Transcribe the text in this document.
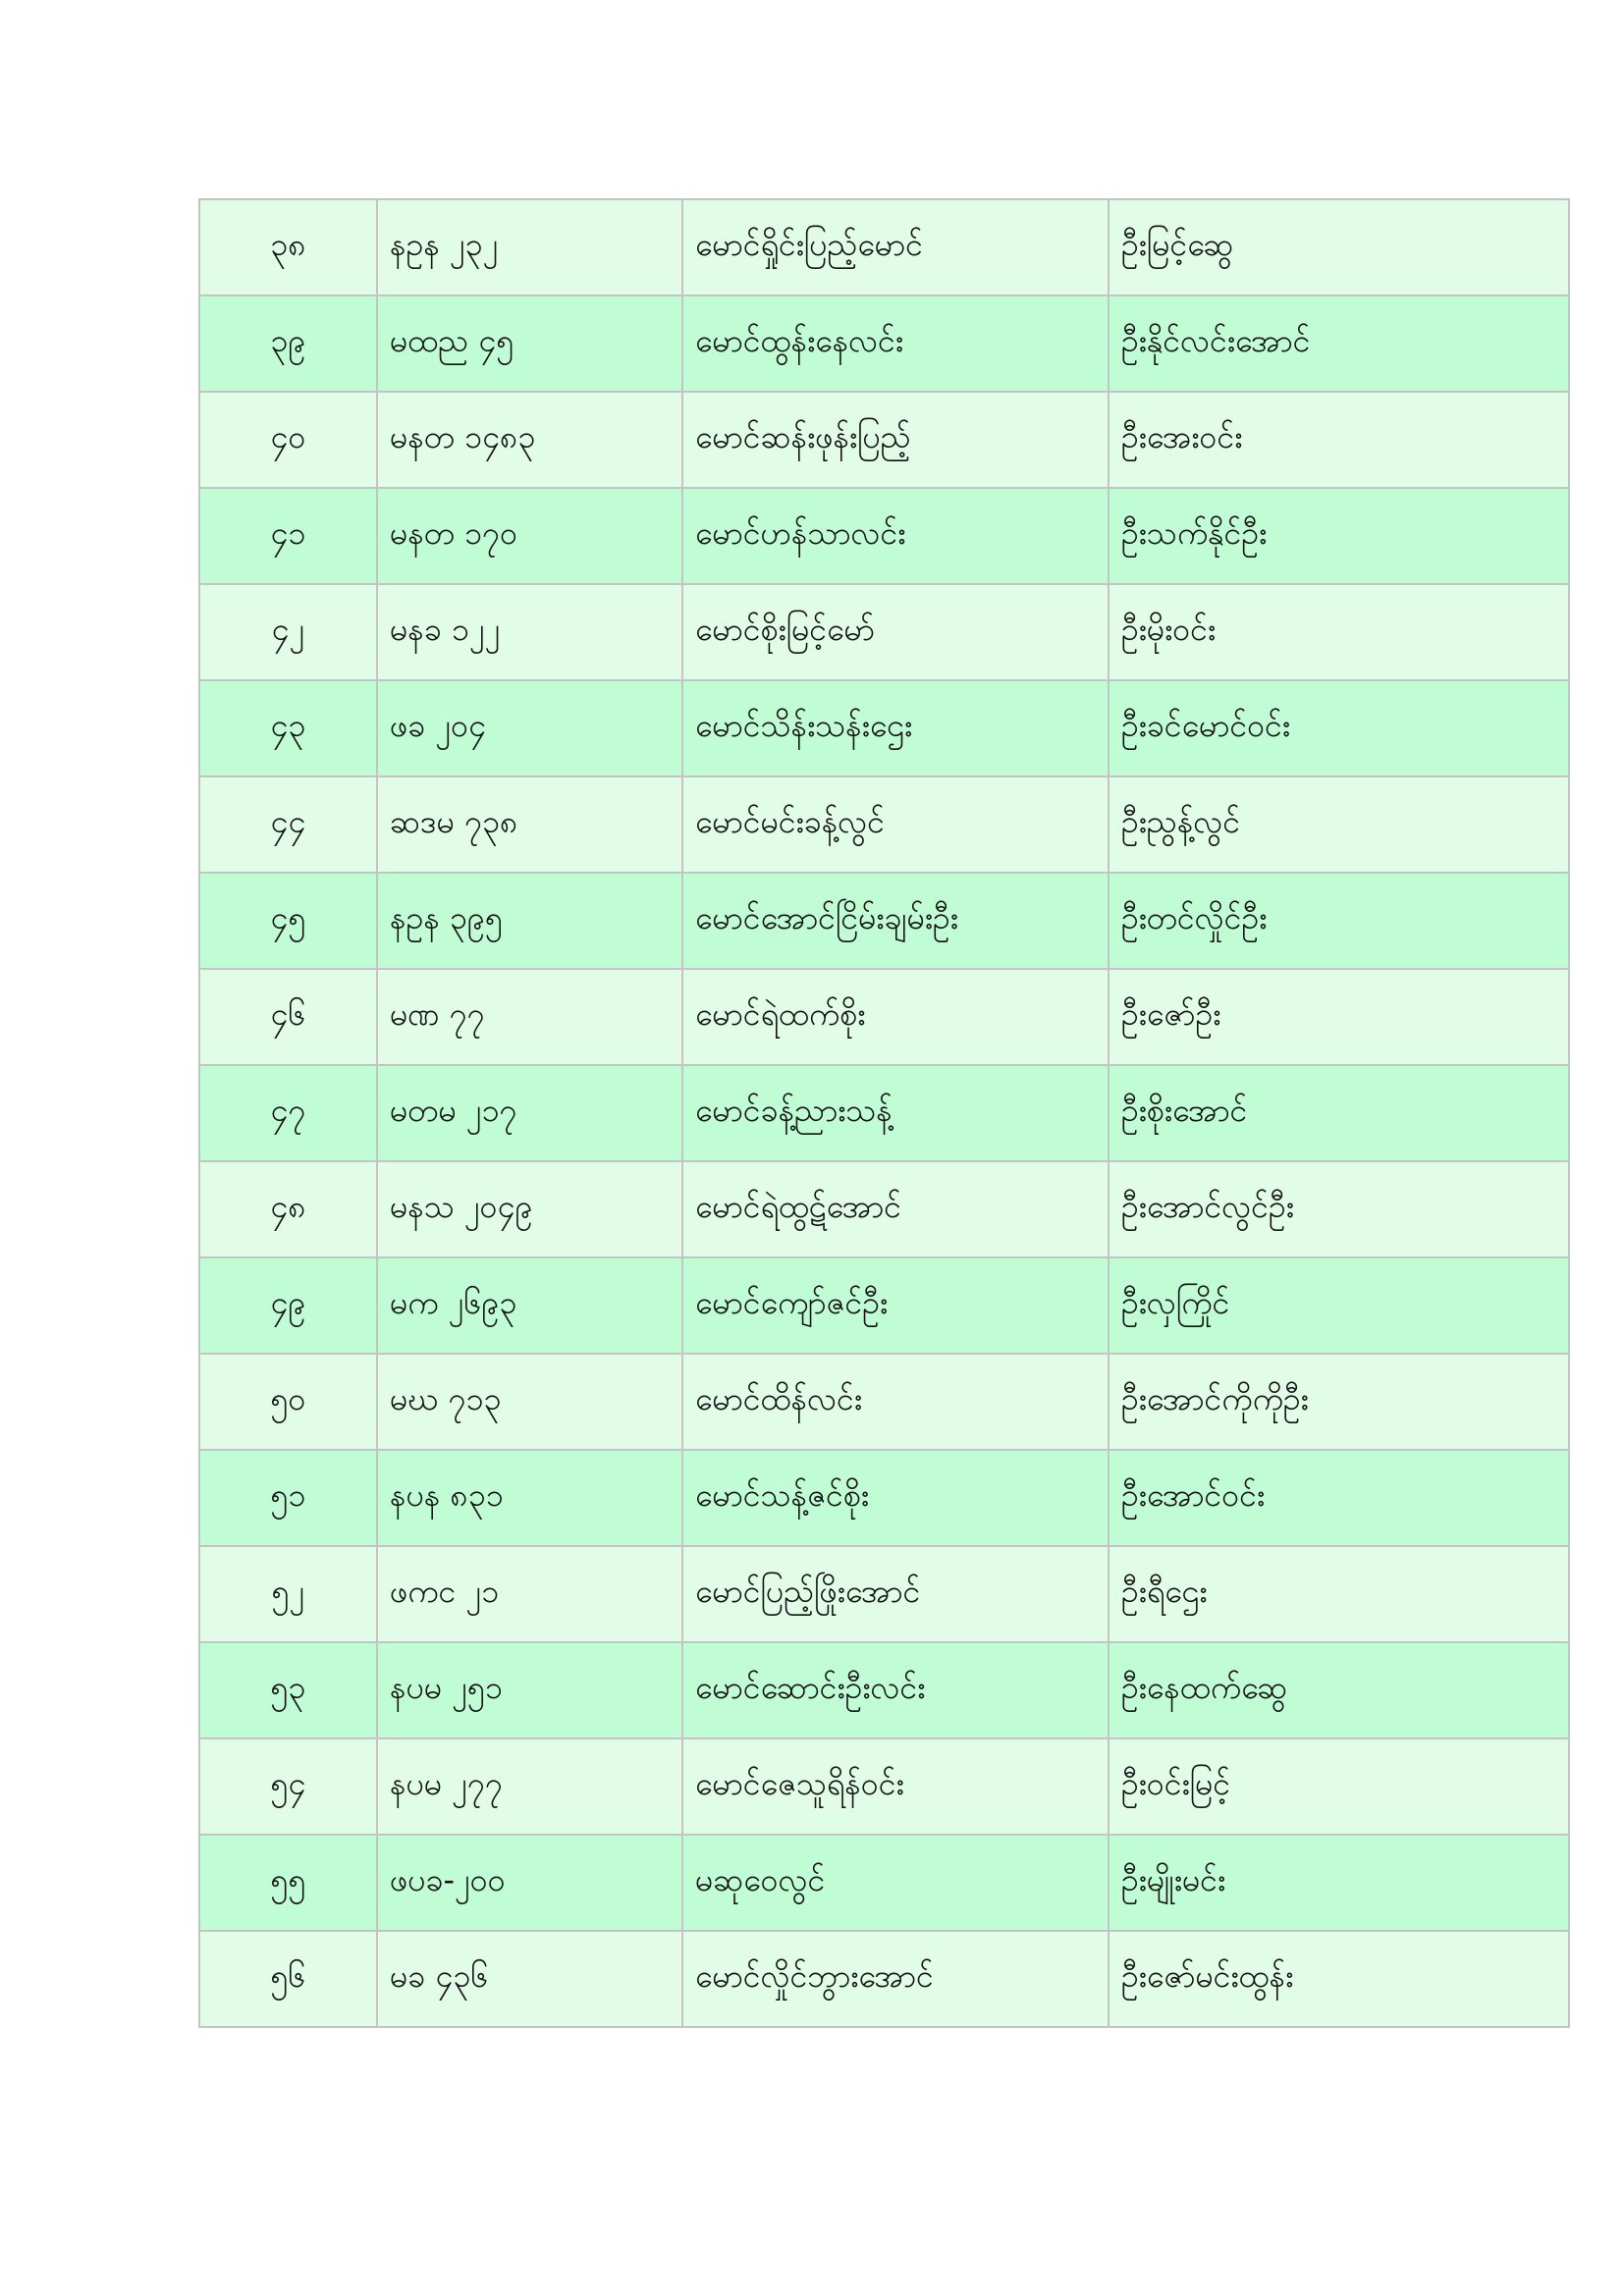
၃၈	နဥန ၂၃၂	မောင်ရှိုင်းပြည့်မောင်	ဦးမြင့်ဆွေ
၃၉	မထည ၄၅	မောင်ထွန်းနေလင်း	ဦးနိုင်လင်းအောင်
၄၀	မနတ ၁၄၈၃	မောင်ဆန်းဖုန်းပြည့်	ဦးအေးဝင်း
၄၁	မနတ ၁၇၀	မောင်ဟန်သာလင်း	ဦးသက်နိုင်ဦး
၄၂	မနခ ၁၂၂	မောင်စိုးမြင့်မော်	ဦးမိုးဝင်း
၄၃	ဖခ ၂၀၄	မောင်သိန်းသန်းဌေး	ဦးခင်မောင်ဝင်း
၄၄	ဆဒမ ၇၃၈	မောင်မင်းခန့်လွင်	ဦးညွန့်လွင်
၄၅	နဥန ၃၉၅	မောင်အောင်ငြိမ်းချမ်းဦး	ဦးတင်လှိုင်ဦး
၄၆	မဏ ၇၇	မောင်ရဲထက်စိုး	ဦးဇော်ဦး
၄၇	မတမ ၂၁၇	မောင်ခန့်ညားသန့်	ဦးစိုးအောင်
၄၈	မနသ ၂၀၄၉	မောင်ရဲထွဋ်အောင်	ဦးအောင်လွင်ဦး
၄၉	မက ၂၆၉၃	မောင်ကျော်ဇင်ဦး	ဦးလှကြိုင်
၅၀	မဃ ၇၁၃	မောင်ထိန်လင်း	ဦးအောင်ကိုကိုဦး
၅၁	နပန ၈၃၁	မောင်သန့်ဇင်စိုး	ဦးအောင်ဝင်း
၅၂	ဖကင ၂၁	မောင်ပြည့်ဖြိုးအောင်	ဦးရီဌေး
၅၃	နပမ ၂၅၁	မောင်ဆောင်းဦးလင်း	ဦးနေထက်ဆွေ
၅၄	နပမ ၂၇၇	မောင်ဇေသူရိန်ဝင်း	ဦးဝင်းမြင့်
၅၅	ဖပခ-၂၀၀	မဆုဝေလွင်	ဦးမျိုးမင်း
၅၆	မခ ၄၃၆	မောင်လှိုင်ဘွားအောင်	ဦးဇော်မင်းထွန်း
